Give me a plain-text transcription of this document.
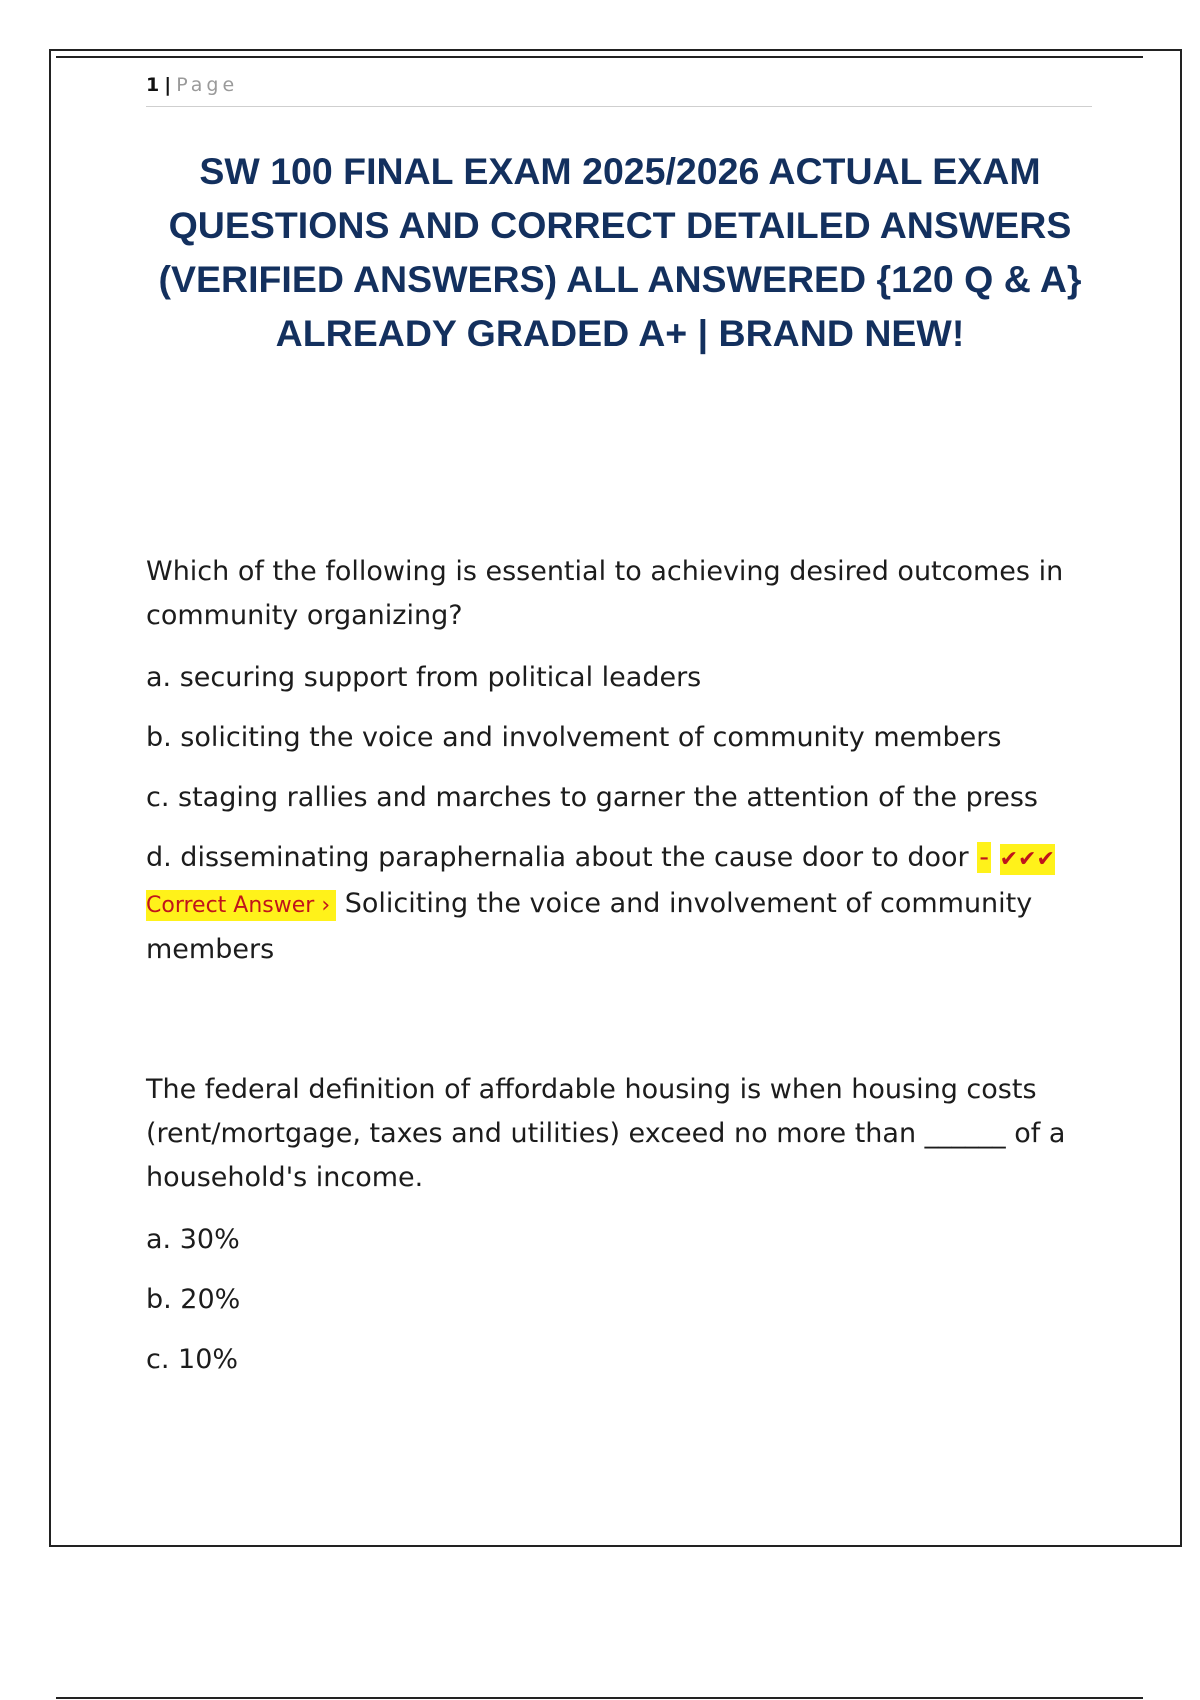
1 | Page
SW 100 FINAL EXAM 2025/2026 ACTUAL EXAM QUESTIONS AND CORRECT DETAILED ANSWERS (VERIFIED ANSWERS) ALL ANSWERED {120 Q & A} ALREADY GRADED A+ | BRAND NEW!

Which of the following is essential to achieving desired outcomes in community organizing?

a. securing support from political leaders

b. soliciting the voice and involvement of community members

c. staging rallies and marches to garner the attention of the press

d. disseminating paraphernalia about the cause door to door - ✔✔✔ Correct Answer › Soliciting the voice and involvement of community members

The federal definition of affordable housing is when housing costs (rent/mortgage, taxes and utilities) exceed no more than ______ of a household's income.

a. 30%

b. 20%

c. 10%
